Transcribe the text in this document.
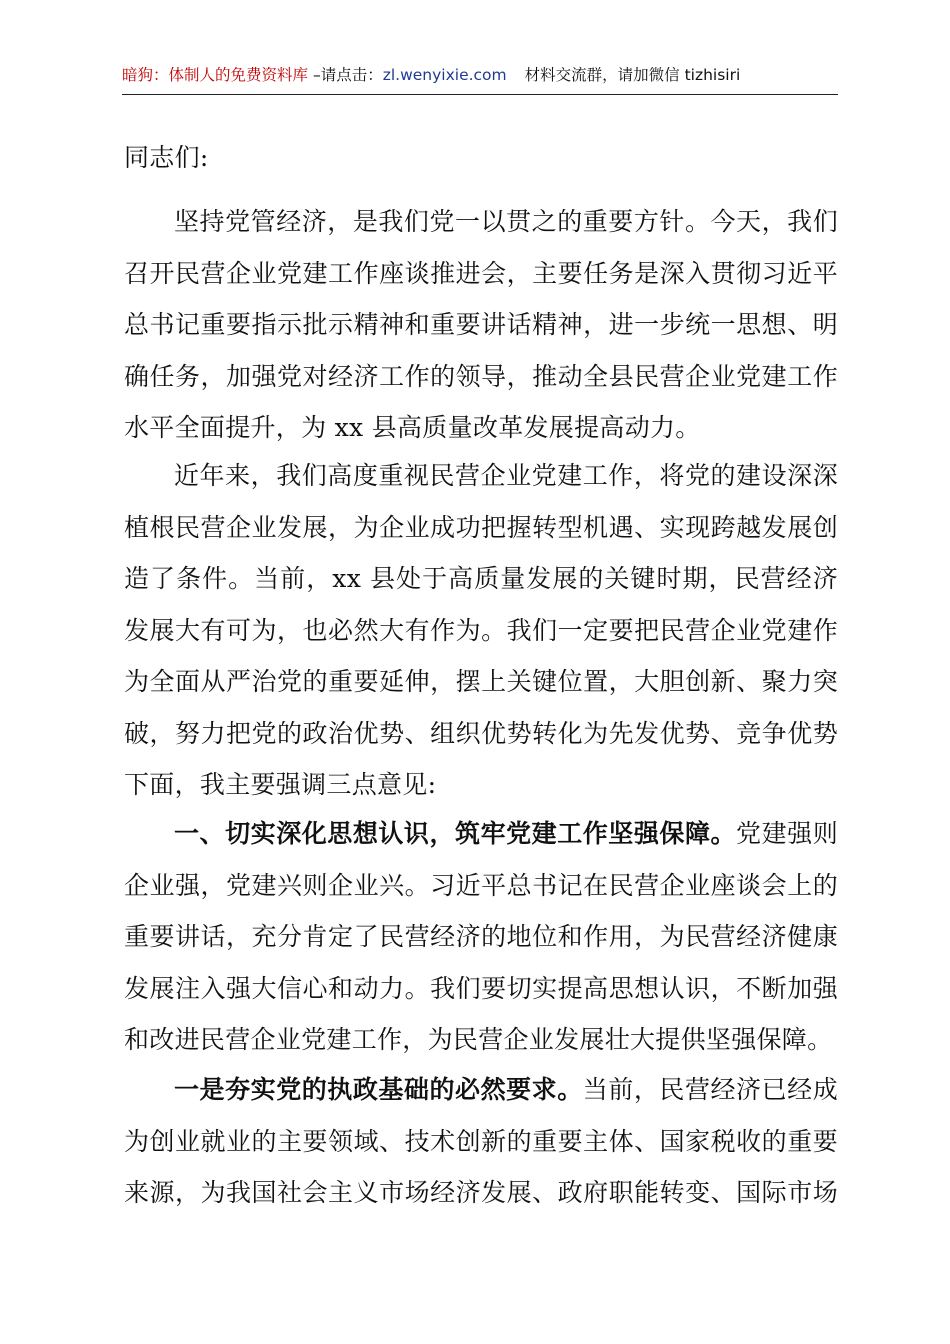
暗狗：体制人的免费资料库 –请点击：zl.wenyixie.com 材料交流群，请加微信 tizhisiri
同志们:
坚持党管经济，是我们党一以贯之的重要方针。今天，我们
召开民营企业党建工作座谈推进会，主要任务是深入贯彻习近平
总书记重要指示批示精神和重要讲话精神，进一步统一思想、明
确任务，加强党对经济工作的领导，推动全县民营企业党建工作
水平全面提升，为 xx 县高质量改革发展提高动力。
近年来，我们高度重视民营企业党建工作，将党的建设深深
植根民营企业发展，为企业成功把握转型机遇、实现跨越发展创
造了条件。当前，xx 县处于高质量发展的关键时期，民营经济
发展大有可为，也必然大有作为。我们一定要把民营企业党建作
为全面从严治党的重要延伸，摆上关键位置，大胆创新、聚力突
破，努力把党的政治优势、组织优势转化为先发优势、竞争优势
下面，我主要强调三点意见:
一、切实深化思想认识，筑牢党建工作坚强保障。党建强则
企业强，党建兴则企业兴。习近平总书记在民营企业座谈会上的
重要讲话，充分肯定了民营经济的地位和作用，为民营经济健康
发展注入强大信心和动力。我们要切实提高思想认识，不断加强
和改进民营企业党建工作，为民营企业发展壮大提供坚强保障。
一是夯实党的执政基础的必然要求。当前，民营经济已经成
为创业就业的主要领域、技术创新的重要主体、国家税收的重要
来源，为我国社会主义市场经济发展、政府职能转变、国际市场
